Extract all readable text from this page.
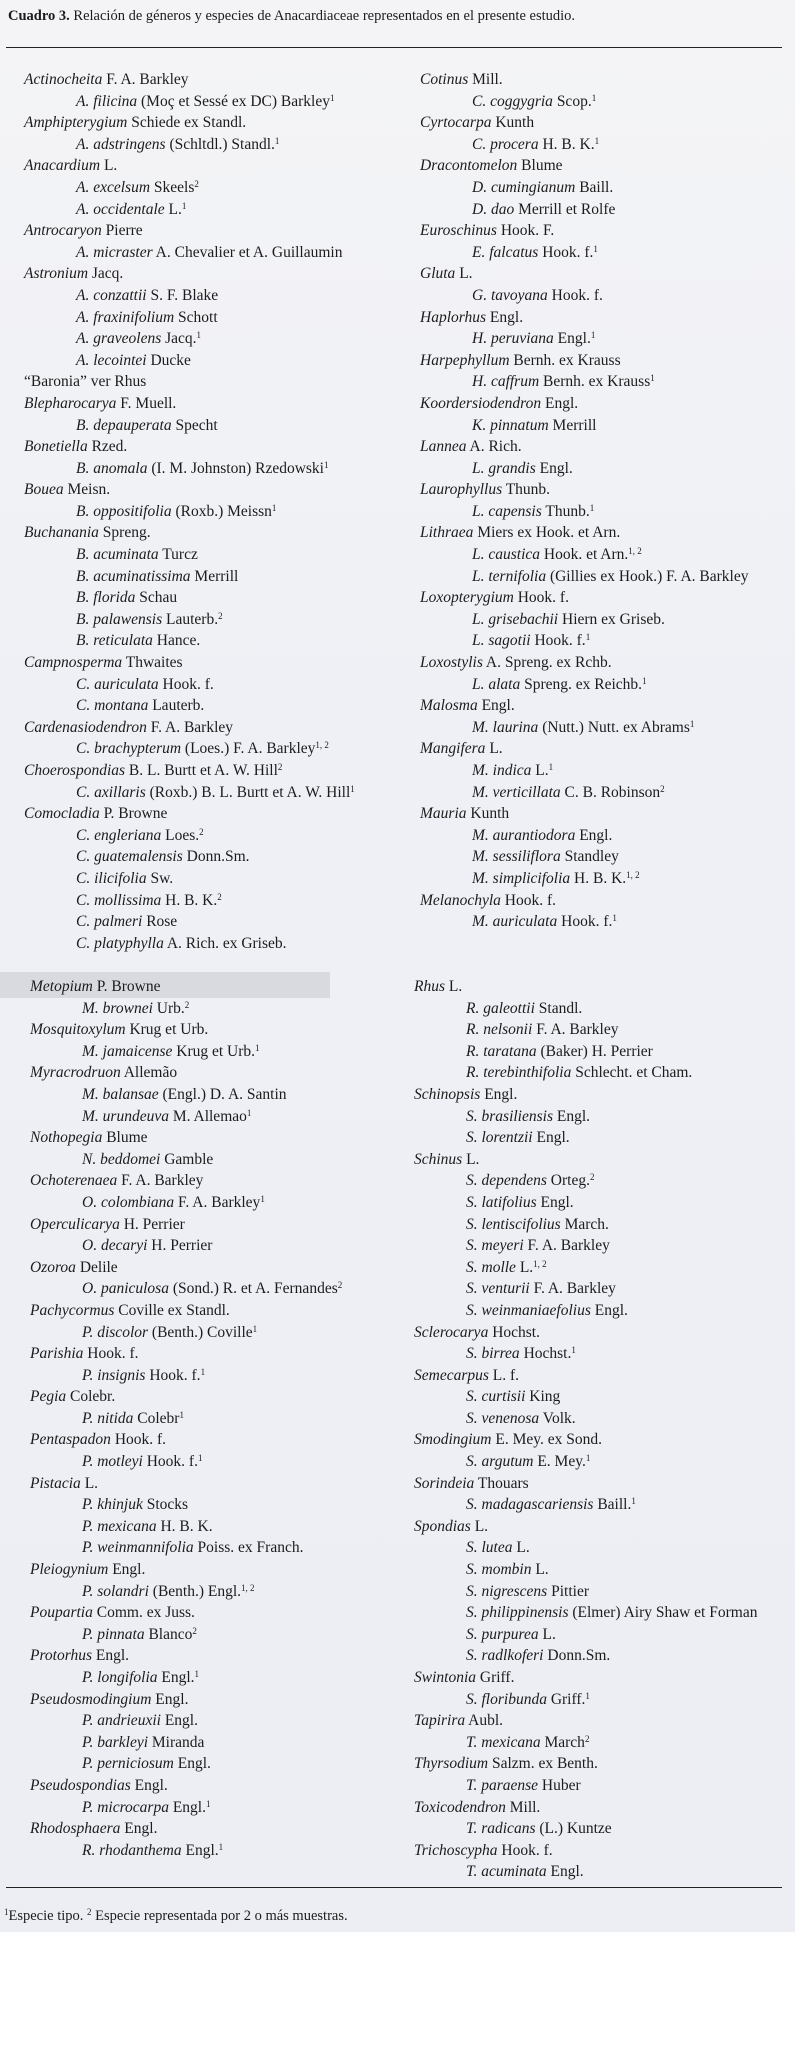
Cuadro 3. Relación de géneros y especies de Anacardiaceae representados en el presente estudio.
Actinocheita F. A. Barkley
A. filicina (Moç et Sessé ex DC) Barkley$^1$
Amphipterygium Schiede ex Standl.
A. adstringens (Schltdl.) Standl.$^1$
Anacardium L.
A. excelsum Skeels$^2$
A. occidentale L.$^1$
Antrocaryon Pierre
A. micraster A. Chevalier et A. Guillaumin
Astronium Jacq.
A. conzattii S. F. Blake
A. fraxinifolium Schott
A. graveolens Jacq.$^1$
A. lecointei Ducke
“Baronia” ver Rhus
Blepharocarya F. Muell.
B. depauperata Specht
Bonetiella Rzed.
B. anomala (I. M. Johnston) Rzedowski$^1$
Bouea Meisn.
B. oppositifolia (Roxb.) Meissn$^1$
Buchanania Spreng.
B. acuminata Turcz
B. acuminatissima Merrill
B. florida Schau
B. palawensis Lauterb.$^2$
B. reticulata Hance.
Campnosperma Thwaites
C. auriculata Hook. f.
C. montana Lauterb.
Cardenasiodendron F. A. Barkley
C. brachypterum (Loes.) F. A. Barkley$^{1, 2}$
Choerospondias B. L. Burtt et A. W. Hill$^2$
C. axillaris (Roxb.) B. L. Burtt et A. W. Hill$^1$
Comocladia P. Browne
C. engleriana Loes.$^2$
C. guatemalensis Donn.Sm.
C. ilicifolia Sw.
C. mollissima H. B. K.$^2$
C. palmeri Rose
C. platyphylla A. Rich. ex Griseb.
Cotinus Mill.
C. coggygria Scop.$^1$
Cyrtocarpa Kunth
C. procera H. B. K.$^1$
Dracontomelon Blume
D. cumingianum Baill.
D. dao Merrill et Rolfe
Euroschinus Hook. F.
E. falcatus Hook. f.$^1$
Gluta L.
G. tavoyana Hook. f.
Haplorhus Engl.
H. peruviana Engl.$^1$
Harpephyllum Bernh. ex Krauss
H. caffrum Bernh. ex Krauss$^1$
Koordersiodendron Engl.
K. pinnatum Merrill
Lannea A. Rich.
L. grandis Engl.
Laurophyllus Thunb.
L. capensis Thunb.$^1$
Lithraea Miers ex Hook. et Arn.
L. caustica Hook. et Arn.$^{1, 2}$
L. ternifolia (Gillies ex Hook.) F. A. Barkley
Loxopterygium Hook. f.
L. grisebachii Hiern ex Griseb.
L. sagotii Hook. f.$^1$
Loxostylis A. Spreng. ex Rchb.
L. alata Spreng. ex Reichb.$^1$
Malosma Engl.
M. laurina (Nutt.) Nutt. ex Abrams$^1$
Mangifera L.
M. indica L.$^1$
M. verticillata C. B. Robinson$^2$
Mauria Kunth
M. aurantiodora Engl.
M. sessiliflora Standley
M. simplicifolia H. B. K.$^{1, 2}$
Melanochyla Hook. f.
M. auriculata Hook. f.$^1$
Metopium P. Browne
M. brownei Urb.$^2$
Mosquitoxylum Krug et Urb.
M. jamaicense Krug et Urb.$^1$
Myracrodruon Allemão
M. balansae (Engl.) D. A. Santin
M. urundeuva M. Allemao$^1$
Nothopegia Blume
N. beddomei Gamble
Ochoterenaea F. A. Barkley
O. colombiana F. A. Barkley$^1$
Operculicarya H. Perrier
O. decaryi H. Perrier
Ozoroa Delile
O. paniculosa (Sond.) R. et A. Fernandes$^2$
Pachycormus Coville ex Standl.
P. discolor (Benth.) Coville$^1$
Parishia Hook. f.
P. insignis Hook. f.$^1$
Pegia Colebr.
P. nitida Colebr$^1$
Pentaspadon Hook. f.
P. motleyi Hook. f.$^1$
Pistacia L.
P. khinjuk Stocks
P. mexicana H. B. K.
P. weinmannifolia Poiss. ex Franch.
Pleiogynium Engl.
P. solandri (Benth.) Engl.$^{1, 2}$
Poupartia Comm. ex Juss.
P. pinnata Blanco$^2$
Protorhus Engl.
P. longifolia Engl.$^1$
Pseudosmodingium Engl.
P. andrieuxii Engl.
P. barkleyi Miranda
P. perniciosum Engl.
Pseudospondias Engl.
P. microcarpa Engl.$^1$
Rhodosphaera Engl.
R. rhodanthema Engl.$^1$
Rhus L.
R. galeottii Standl.
R. nelsonii F. A. Barkley
R. taratana (Baker) H. Perrier
R. terebinthifolia Schlecht. et Cham.
Schinopsis Engl.
S. brasiliensis Engl.
S. lorentzii Engl.
Schinus L.
S. dependens Orteg.$^2$
S. latifolius Engl.
S. lentiscifolius March.
S. meyeri F. A. Barkley
S. molle L.$^{1, 2}$
S. venturii F. A. Barkley
S. weinmaniaefolius Engl.
Sclerocarya Hochst.
S. birrea Hochst.$^1$
Semecarpus L. f.
S. curtisii King
S. venenosa Volk.
Smodingium E. Mey. ex Sond.
S. argutum E. Mey.$^1$
Sorindeia Thouars
S. madagascariensis Baill.$^1$
Spondias L.
S. lutea L.
S. mombin L.
S. nigrescens Pittier
S. philippinensis (Elmer) Airy Shaw et Forman
S. purpurea L.
S. radlkoferi Donn.Sm.
Swintonia Griff.
S. floribunda Griff.$^1$
Tapirira Aubl.
T. mexicana March$^2$
Thyrsodium Salzm. ex Benth.
T. paraense Huber
Toxicodendron Mill.
T. radicans (L.) Kuntze
Trichoscypha Hook. f.
T. acuminata Engl.
$^1$Especie tipo. $^2$ Especie representada por 2 o más muestras.
